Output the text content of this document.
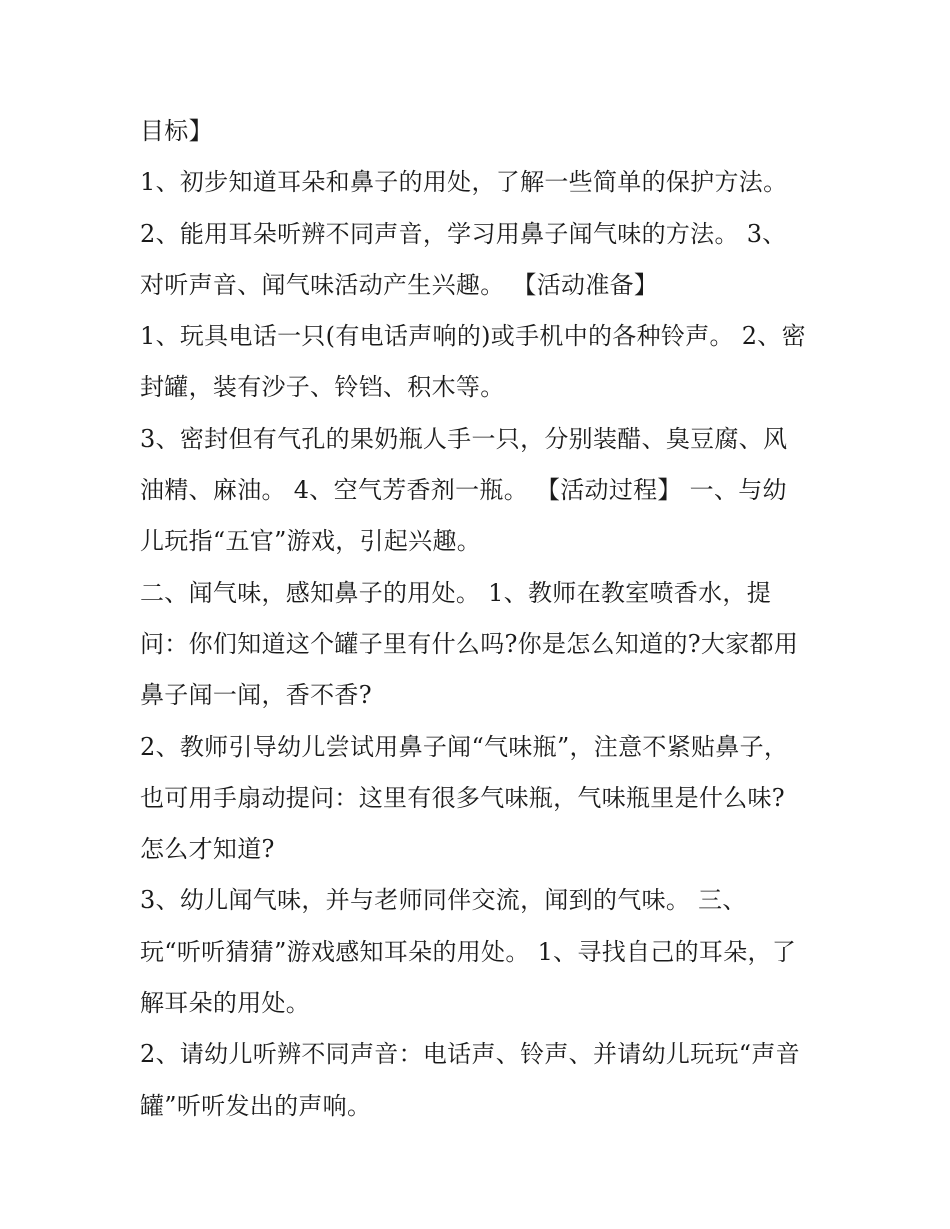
目标】
1、初步知道耳朵和鼻子的用处，了解一些简单的保护方法。
2、能用耳朵听辨不同声音，学习用鼻子闻气味的方法。 3、
对听声音、闻气味活动产生兴趣。 【活动准备】
1、玩具电话一只(有电话声响的)或手机中的各种铃声。 2、密
封罐，装有沙子、铃铛、积木等。
3、密封但有气孔的果奶瓶人手一只，分别装醋、臭豆腐、风
油精、麻油。 4、空气芳香剂一瓶。 【活动过程】 一、与幼
儿玩指“五官”游戏，引起兴趣。
二、闻气味，感知鼻子的用处。 1、教师在教室喷香水，提
问：你们知道这个罐子里有什么吗?你是怎么知道的?大家都用
鼻子闻一闻，香不香?
2、教师引导幼儿尝试用鼻子闻“气味瓶”，注意不紧贴鼻子，
也可用手扇动提问：这里有很多气味瓶，气味瓶里是什么味?
怎么才知道?
3、幼儿闻气味，并与老师同伴交流，闻到的气味。 三、
玩“听听猜猜”游戏感知耳朵的用处。 1、寻找自己的耳朵，了
解耳朵的用处。
2、请幼儿听辨不同声音：电话声、铃声、并请幼儿玩玩“声音
罐”听听发出的声响。
